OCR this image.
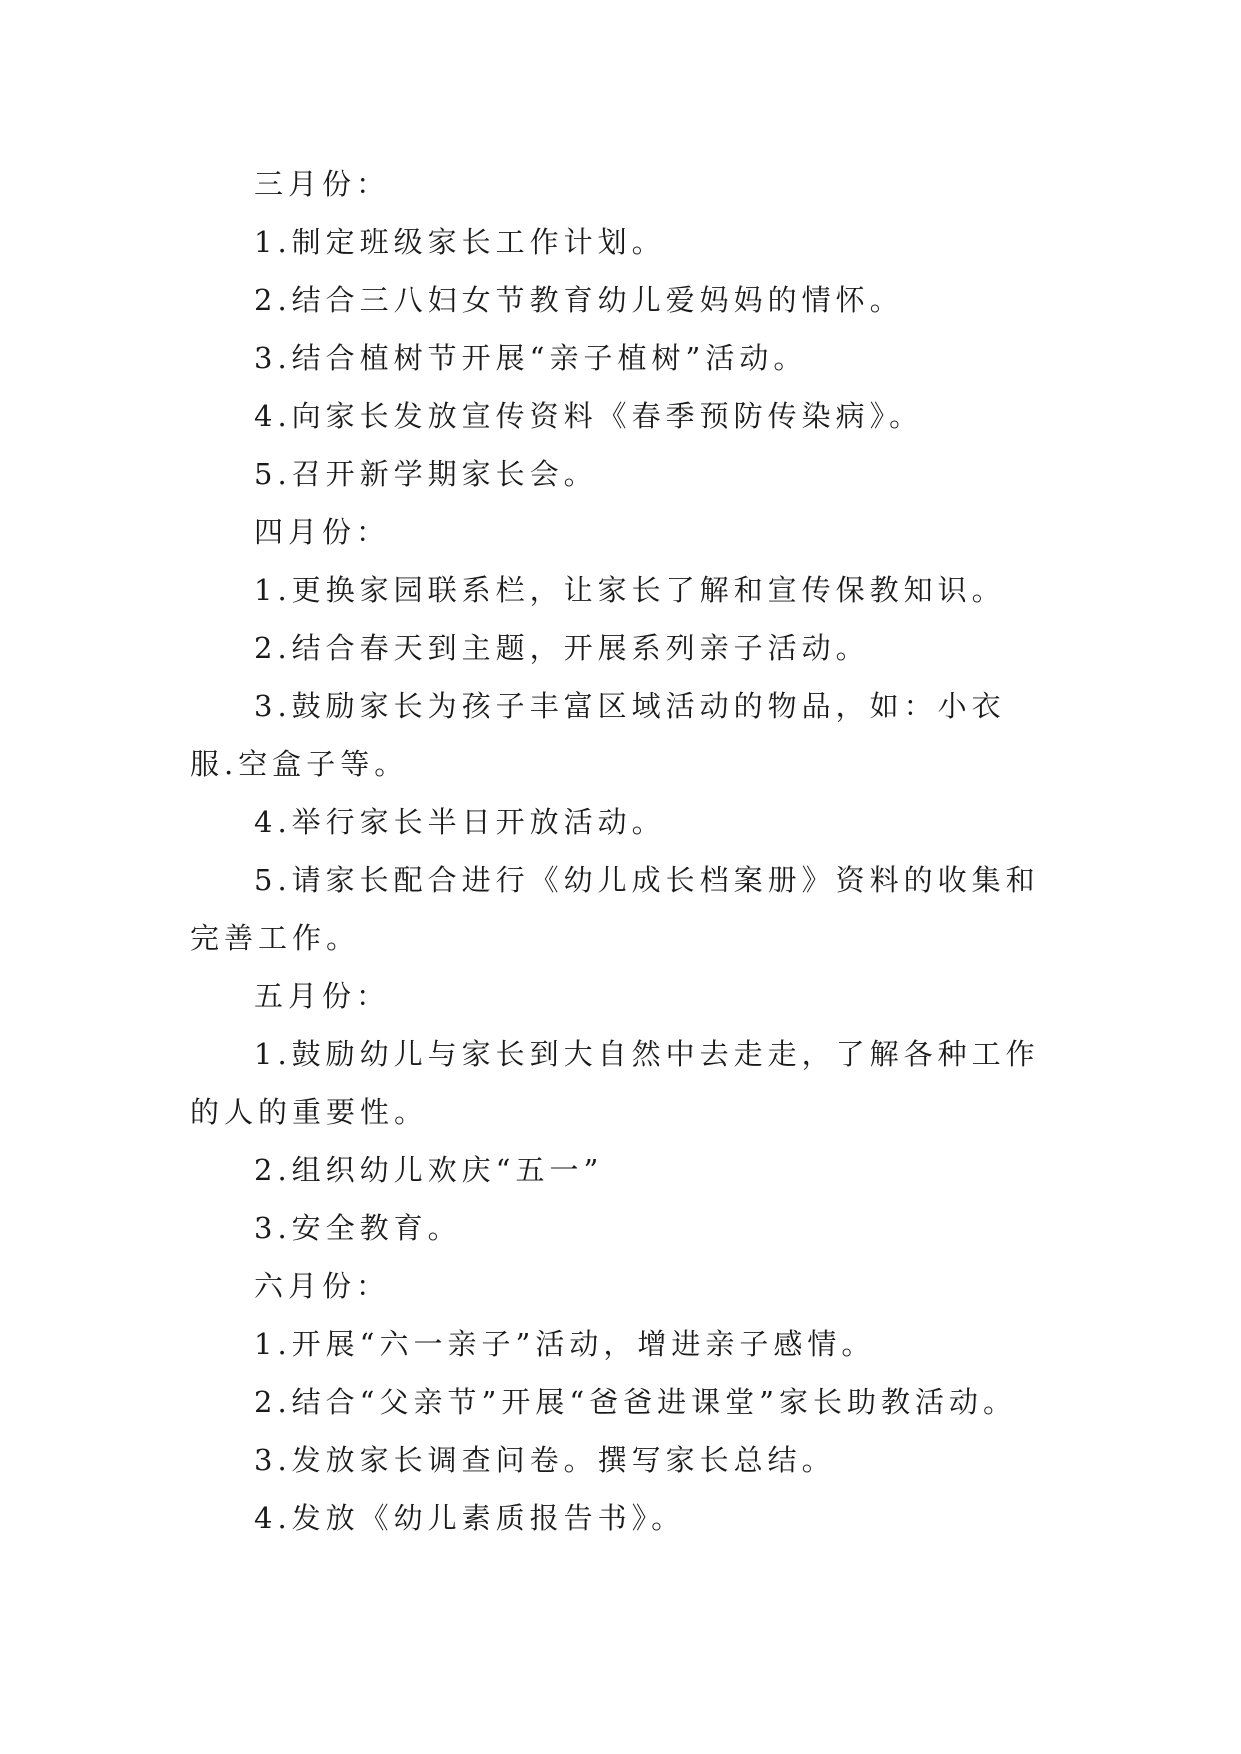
三月份：

1.制定班级家长工作计划。

2.结合三八妇女节教育幼儿爱妈妈的情怀。

3.结合植树节开展“亲子植树”活动。

4.向家长发放宣传资料《春季预防传染病》。

5.召开新学期家长会。

四月份：

1.更换家园联系栏，让家长了解和宣传保教知识。

2.结合春天到主题，开展系列亲子活动。

3.鼓励家长为孩子丰富区域活动的物品，如：小衣服.空盒子等。

4.举行家长半日开放活动。

5.请家长配合进行《幼儿成长档案册》资料的收集和完善工作。

五月份：

1.鼓励幼儿与家长到大自然中去走走，了解各种工作的人的重要性。

2.组织幼儿欢庆“五一”

3.安全教育。

六月份：

1.开展“六一亲子”活动，增进亲子感情。

2.结合“父亲节”开展“爸爸进课堂”家长助教活动。

3.发放家长调查问卷。撰写家长总结。

4.发放《幼儿素质报告书》。
